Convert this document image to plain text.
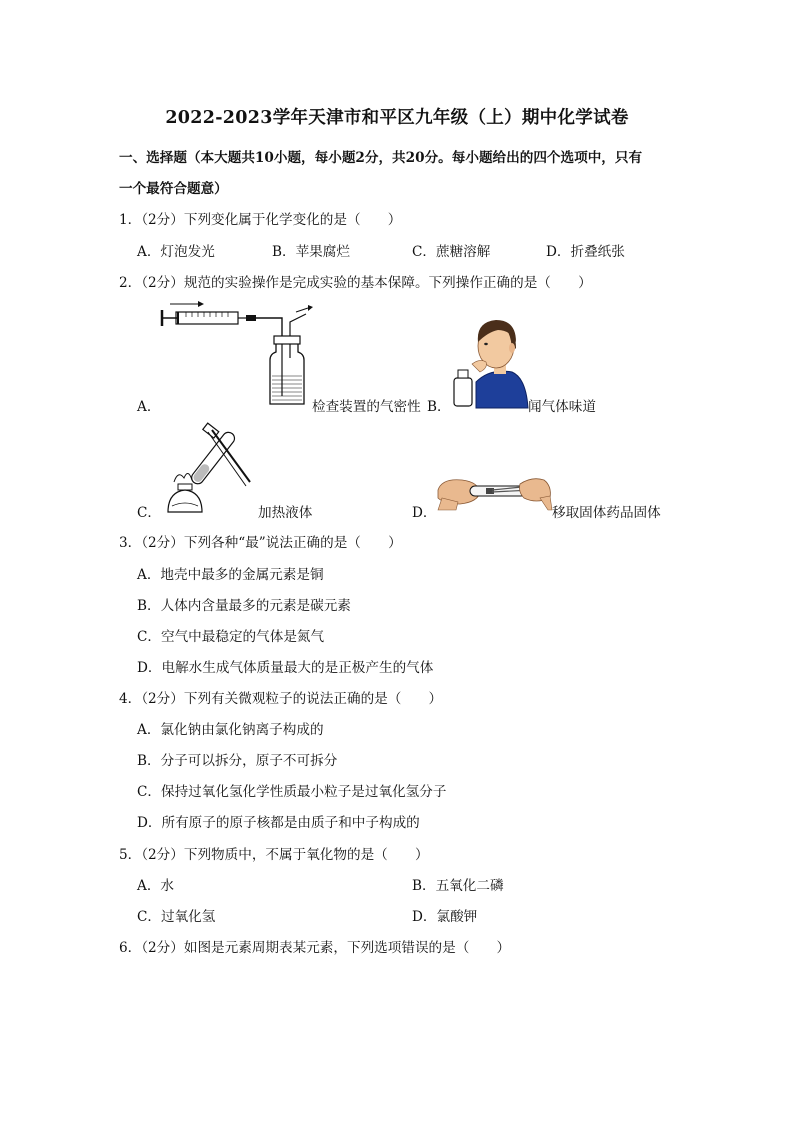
2022-2023学年天津市和平区九年级（上）期中化学试卷
一、选择题（本大题共10小题，每小题2分，共20分。每小题给出的四个选项中，只有
一个最符合题意）
1．（2分）下列变化属于化学变化的是（　　）
A．灯泡发光	B．苹果腐烂	C．蔗糖溶解	D．折叠纸张
2．（2分）规范的实验操作是完成实验的基本保障。下列操作正确的是（　　）
A．	检查装置的气密性 B．	闻气体味道
C．	加热液体	D．	移取固体药品固体
3．（2分）下列各种“最”说法正确的是（　　）
A．地壳中最多的金属元素是铜
B．人体内含量最多的元素是碳元素
C．空气中最稳定的气体是氮气
D．电解水生成气体质量最大的是正极产生的气体
4．（2分）下列有关微观粒子的说法正确的是（　　）
A．氯化钠由氯化钠离子构成的
B．分子可以拆分，原子不可拆分
C．保持过氧化氢化学性质最小粒子是过氧化氢分子
D．所有原子的原子核都是由质子和中子构成的
5．（2分）下列物质中，不属于氧化物的是（　　）
A．水	B．五氧化二磷
C．过氧化氢	D．氯酸钾
6．（2分）如图是元素周期表某元素，下列选项错误的是（　　）
